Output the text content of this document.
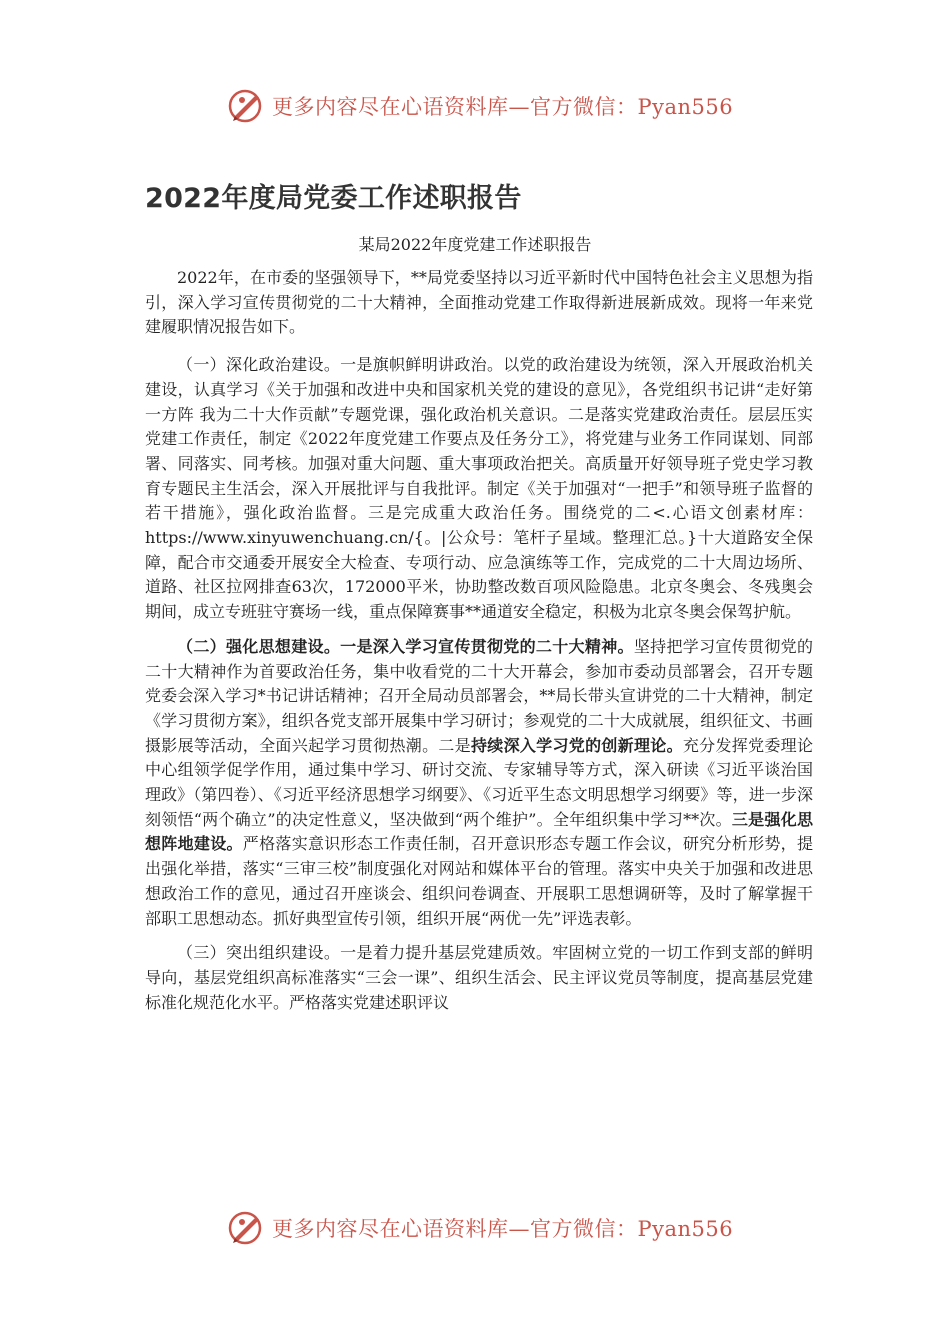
更多内容尽在心语资料库—官方微信：Pyan556
2022年度局党委工作述职报告
某局2022年度党建工作述职报告

2022年，在市委的坚强领导下，**局党委坚持以习近平新时代中国特色社会主义思想为指引，深入学习宣传贯彻党的二十大精神，全面推动党建工作取得新进展新成效。现将一年来党建履职情况报告如下。

（一）深化政治建设。一是旗帜鲜明讲政治。以党的政治建设为统领，深入开展政治机关建设，认真学习《关于加强和改进中央和国家机关党的建设的意见》，各党组织书记讲“走好第一方阵 我为二十大作贡献”专题党课，强化政治机关意识。二是落实党建政治责任。层层压实党建工作责任，制定《2022年度党建工作要点及任务分工》，将党建与业务工作同谋划、同部署、同落实、同考核。加强对重大问题、重大事项政治把关。高质量开好领导班子党史学习教育专题民主生活会，深入开展批评与自我批评。制定《关于加强对“一把手”和领导班子监督的若干措施》，强化政治监督。三是完成重大政治任务。围绕党的二<.心语文创素材库：https://www.xinyuwenchuang.cn/{。|公众号：笔杆子星域。整理汇总。}十大道路安全保障，配合市交通委开展安全大检查、专项行动、应急演练等工作，完成党的二十大周边场所、道路、社区拉网排查63次，172000平米，协助整改数百项风险隐患。北京冬奥会、冬残奥会期间，成立专班驻守赛场一线，重点保障赛事**通道安全稳定，积极为北京冬奥会保驾护航。

（二）强化思想建设。一是深入学习宣传贯彻党的二十大精神。坚持把学习宣传贯彻党的二十大精神作为首要政治任务，集中收看党的二十大开幕会，参加市委动员部署会，召开专题党委会深入学习*书记讲话精神；召开全局动员部署会，**局长带头宣讲党的二十大精神，制定《学习贯彻方案》，组织各党支部开展集中学习研讨；参观党的二十大成就展，组织征文、书画摄影展等活动，全面兴起学习贯彻热潮。二是持续深入学习党的创新理论。充分发挥党委理论中心组领学促学作用，通过集中学习、研讨交流、专家辅导等方式，深入研读《习近平谈治国理政》（第四卷）、《习近平经济思想学习纲要》、《习近平生态文明思想学习纲要》等，进一步深刻领悟“两个确立”的决定性意义，坚决做到“两个维护”。全年组织集中学习**次。三是强化思想阵地建设。严格落实意识形态工作责任制，召开意识形态专题工作会议，研究分析形势，提出强化举措，落实“三审三校”制度强化对网站和媒体平台的管理。落实中央关于加强和改进思想政治工作的意见，通过召开座谈会、组织问卷调查、开展职工思想调研等，及时了解掌握干部职工思想动态。抓好典型宣传引领，组织开展“两优一先”评选表彰。

（三）突出组织建设。一是着力提升基层党建质效。牢固树立党的一切工作到支部的鲜明导向，基层党组织高标准落实“三会一课”、组织生活会、民主评议党员等制度，提高基层党建标准化规范化水平。严格落实党建述职评议

更多内容尽在心语资料库—官方微信：Pyan556
